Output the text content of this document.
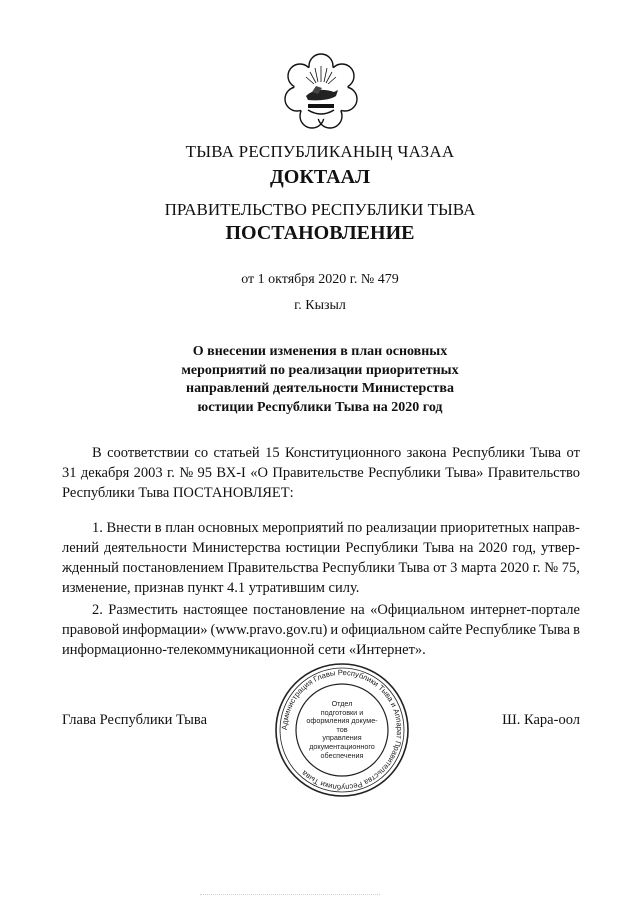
ТЫВА РЕСПУБЛИКАНЫҢ ЧАЗАА
ДОКТААЛ
ПРАВИТЕЛЬСТВО РЕСПУБЛИКИ ТЫВА
ПОСТАНОВЛЕНИЕ
от 1 октября 2020 г. № 479
г. Кызыл
О внесении изменения в план основных
мероприятий по реализации приоритетных
направлений деятельности Министерства
юстиции Республики Тыва на 2020 год
В соответствии со статьей 15 Конституционного закона Республики Тыва от
31 декабря 2003 г. № 95 ВХ-I «О Правительстве Республики Тыва» Правительство
Республики Тыва ПОСТАНОВЛЯЕТ:
1. Внести в план основных мероприятий по реализации приоритетных направ-
лений деятельности Министерства юстиции Республики Тыва на 2020 год, утвер-
жденный постановлением Правительства Республики Тыва от 3 марта 2020 г. № 75,
изменение, признав пункт 4.1 утратившим силу.
2. Разместить настоящее постановление на «Официальном интернет-портале
правовой информации» (www.pravo.gov.ru) и официальном сайте Республике Тыва в
информационно-телекоммуникационной сети «Интернет».
Администрация Главы Республики Тыва и Аппарат Правительства Республики Тыва
Отдел
подготовки и
оформления докуме-тов
управления
документационного
обеспечения
Глава Республики Тыва	Ш. Кара-оол
